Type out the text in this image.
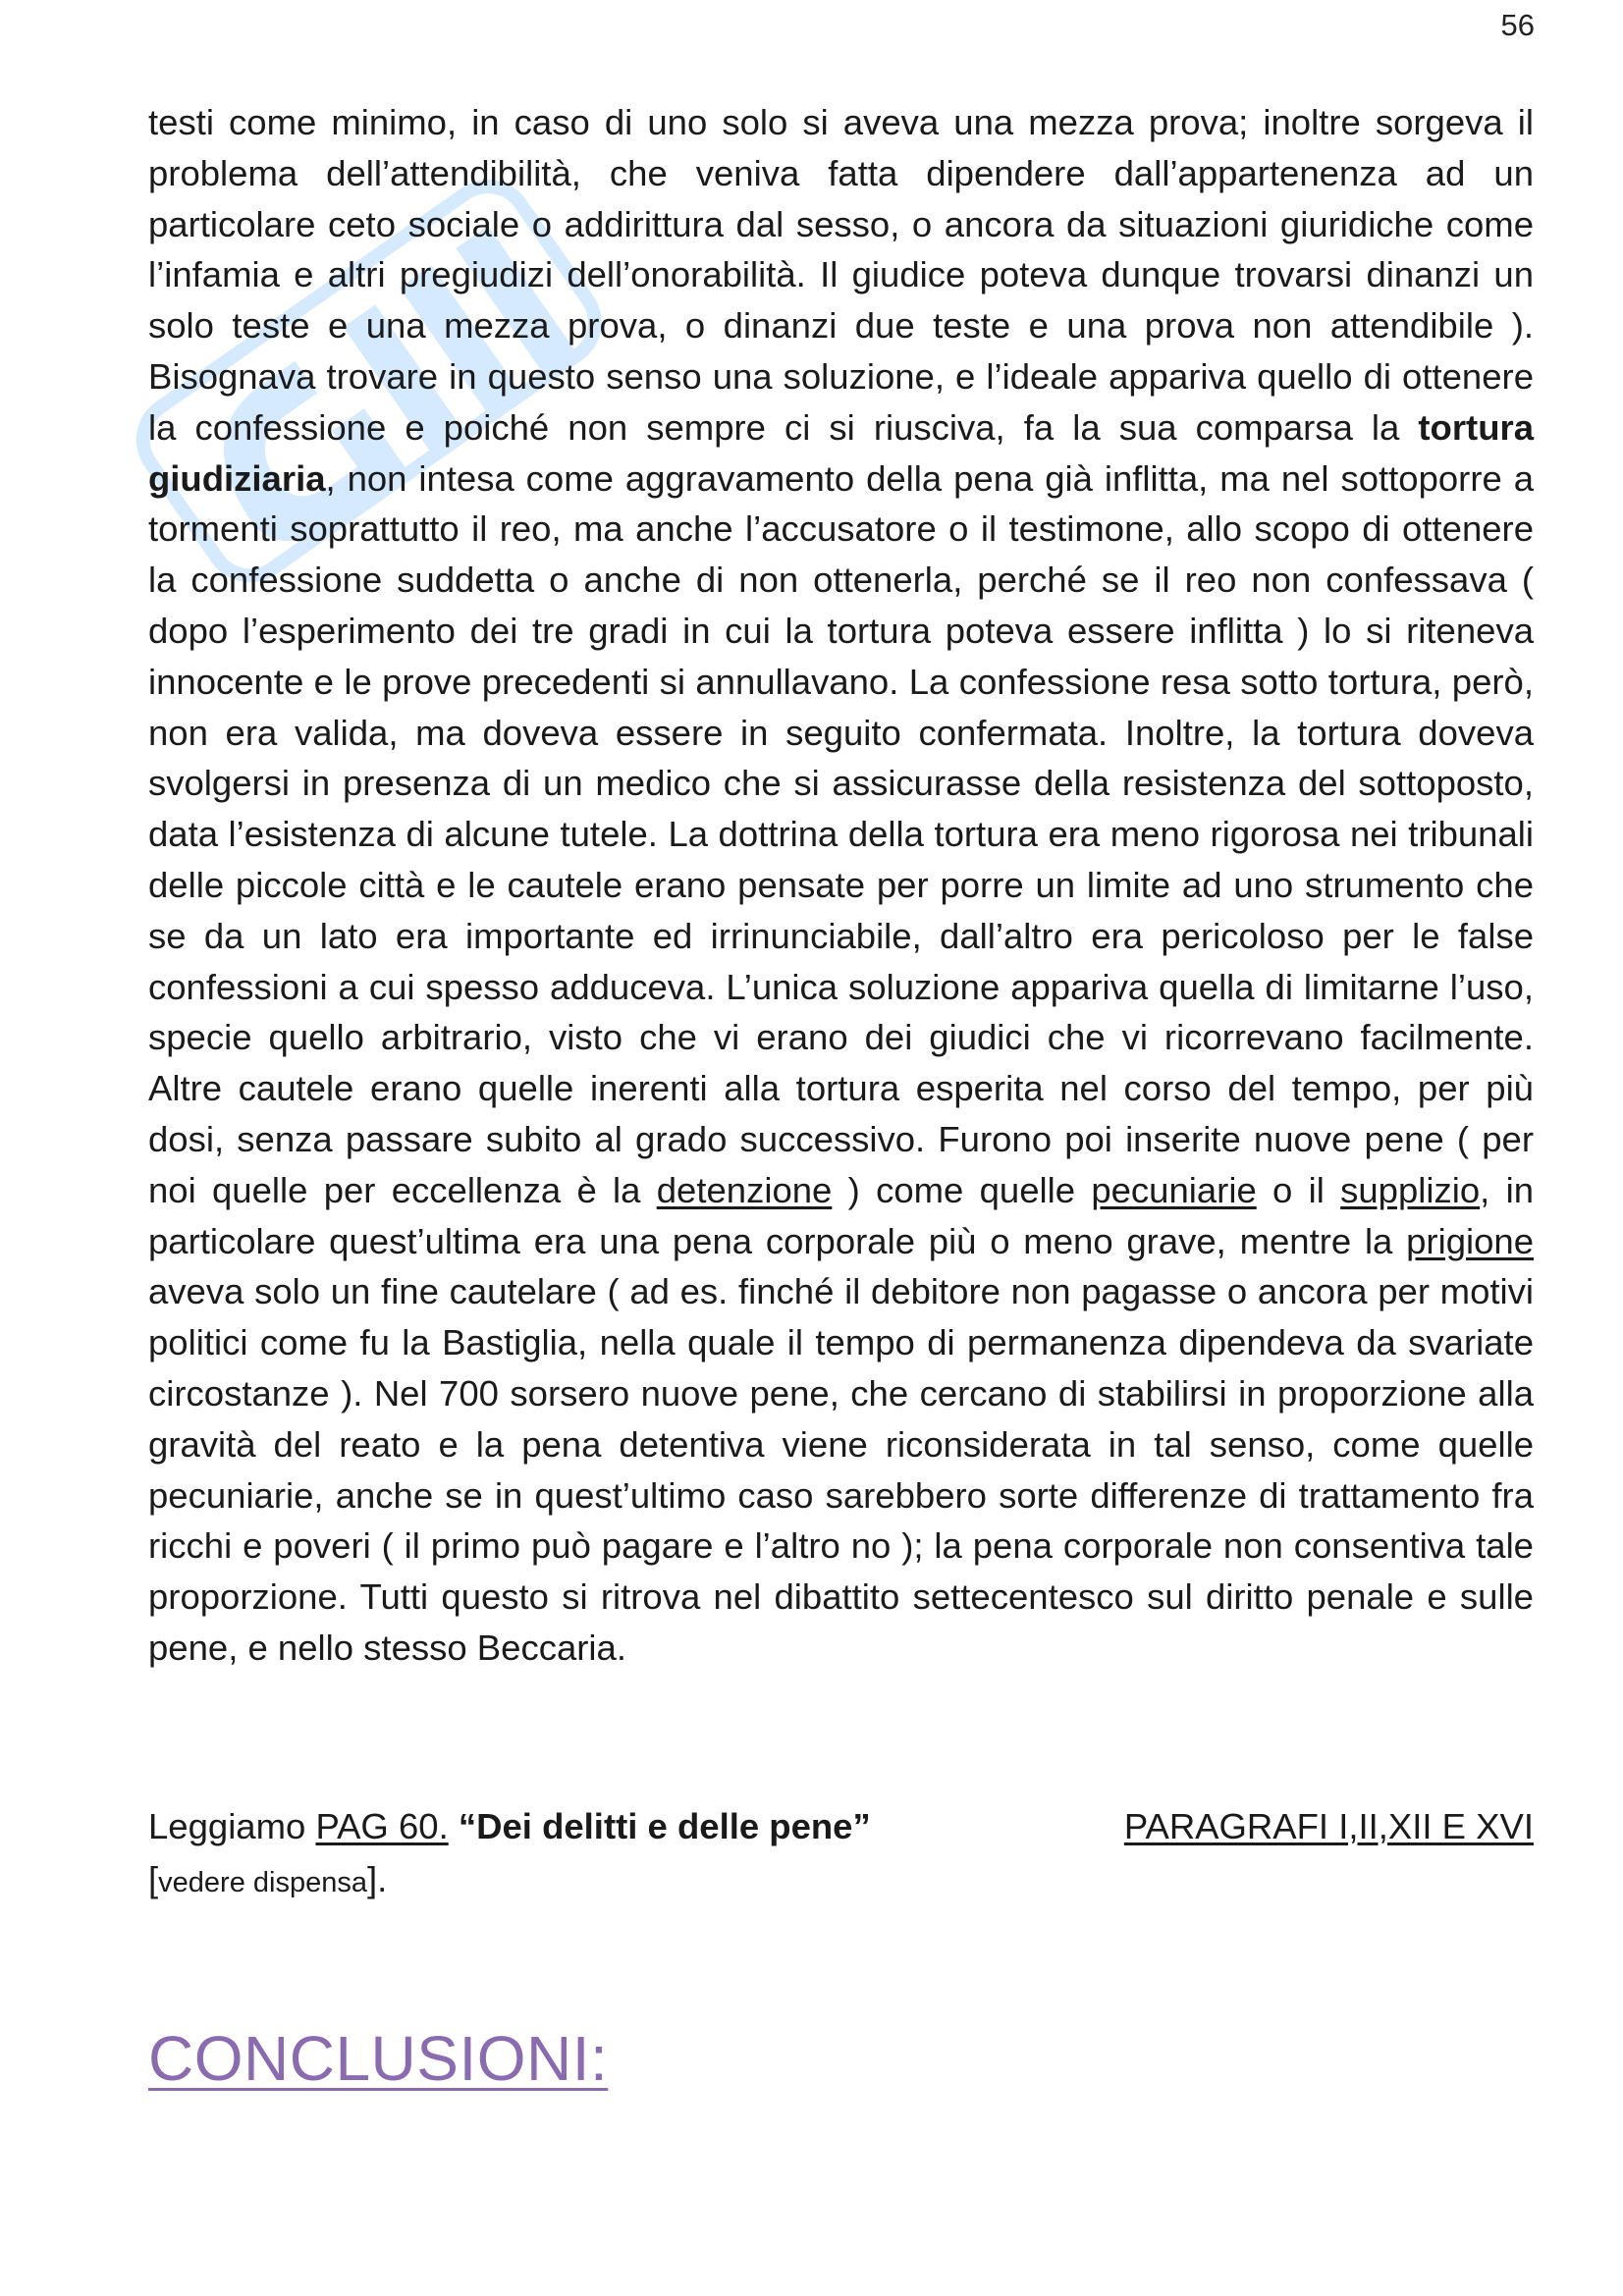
56

testi come minimo, in caso di uno solo si aveva una mezza prova; inoltre sorgeva il problema dell’attendibilità, che veniva fatta dipendere dall’appartenenza ad un particolare ceto sociale o addirittura dal sesso, o ancora da situazioni giuridiche come l’infamia e altri pregiudizi dell’onorabilità. Il giudice poteva dunque trovarsi dinanzi un solo teste e una mezza prova, o dinanzi due teste e una prova non attendibile ). Bisognava trovare in questo senso una soluzione, e l’ideale appariva quello di ottenere la confessione e poiché non sempre ci si riusciva, fa la sua comparsa la tortura giudiziaria, non intesa come aggravamento della pena già inflitta, ma nel sottoporre a tormenti soprattutto il reo, ma anche l’accusatore o il testimone, allo scopo di ottenere la confessione suddetta o anche di non ottenerla, perché se il reo non confessava ( dopo l’esperimento dei tre gradi in cui la tortura poteva essere inflitta ) lo si riteneva innocente e le prove precedenti si annullavano. La confessione resa sotto tortura, però, non era valida, ma doveva essere in seguito confermata. Inoltre, la tortura doveva svolgersi in presenza di un medico che si assicurasse della resistenza del sottoposto, data l’esistenza di alcune tutele. La dottrina della tortura era meno rigorosa nei tribunali delle piccole città e le cautele erano pensate per porre un limite ad uno strumento che se da un lato era importante ed irrinunciabile, dall’altro era pericoloso per le false confessioni a cui spesso adduceva. L’unica soluzione appariva quella di limitarne l’uso, specie quello arbitrario, visto che vi erano dei giudici che vi ricorrevano facilmente. Altre cautele erano quelle inerenti alla tortura esperita nel corso del tempo, per più dosi, senza passare subito al grado successivo. Furono poi inserite nuove pene ( per noi quelle per eccellenza è la detenzione ) come quelle pecuniarie o il supplizio, in particolare quest’ultima era una pena corporale più o meno grave, mentre la prigione aveva solo un fine cautelare ( ad es. finché il debitore non pagasse o ancora per motivi politici come fu la Bastiglia, nella quale il tempo di permanenza dipendeva da svariate circostanze ). Nel 700 sorsero nuove pene, che cercano di stabilirsi in proporzione alla gravità del reato e la pena detentiva viene riconsiderata in tal senso, come quelle pecuniarie, anche se in quest’ultimo caso sarebbero sorte differenze di trattamento fra ricchi e poveri ( il primo può pagare e l’altro no ); la pena corporale non consentiva tale proporzione. Tutti questo si ritrova nel dibattito settecentesco sul diritto penale e sulle pene, e nello stesso Beccaria.

Leggiamo PAG 60. “Dei delitti e delle pene”	PARAGRAFI I,II,XII E XVI
[vedere dispensa].
CONCLUSIONI:
